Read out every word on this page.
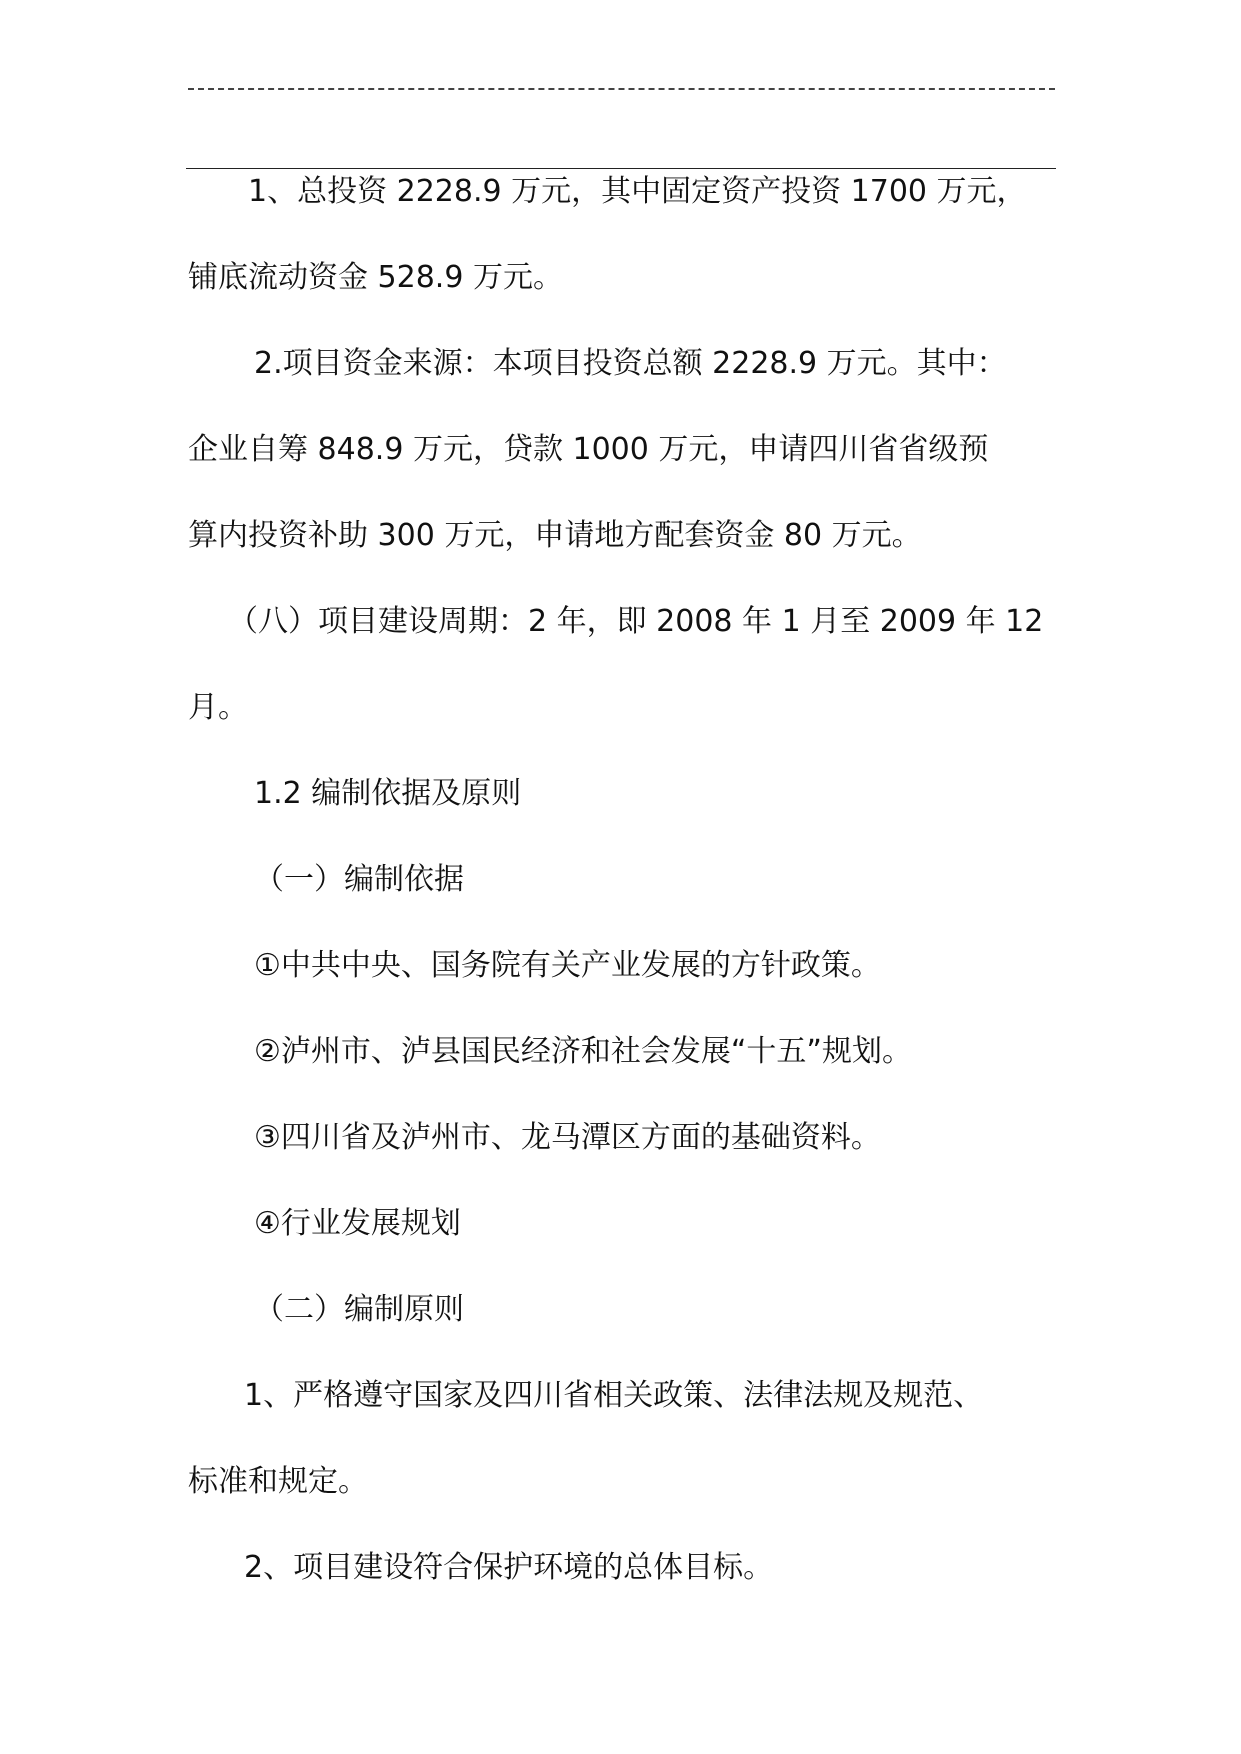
1、总投资 2228.9 万元，其中固定资产投资 1700 万元，

铺底流动资金 528.9 万元。

2.项目资金来源：本项目投资总额 2228.9 万元。其中：

企业自筹 848.9 万元，贷款 1000 万元，申请四川省省级预

算内投资补助 300 万元，申请地方配套资金 80 万元。

（八）项目建设周期：2 年，即 2008 年 1 月至 2009 年 12

月。

1.2 编制依据及原则

（一）编制依据

①中共中央、国务院有关产业发展的方针政策。

②泸州市、泸县国民经济和社会发展“十五”规划。

③四川省及泸州市、龙马潭区方面的基础资料。

④行业发展规划

（二）编制原则

1、严格遵守国家及四川省相关政策、法律法规及规范、

标准和规定。

2、项目建设符合保护环境的总体目标。
